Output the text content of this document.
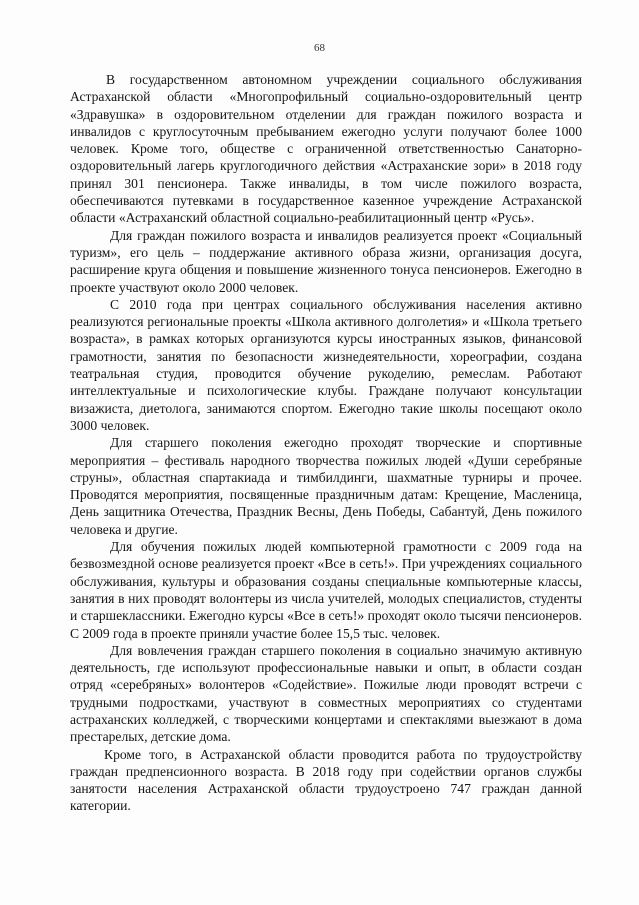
68

В государственном автономном учреждении социального обслуживания Астраханской области «Многопрофильный социально-оздоровительный центр «Здравушка» в оздоровительном отделении для граждан пожилого возраста и инвалидов с круглосуточным пребыванием ежегодно услуги получают более 1000 человек. Кроме того, обществе с ограниченной ответственностью Санаторно-оздоровительный лагерь круглогодичного действия «Астраханские зори» в 2018 году принял 301 пенсионера. Также инвалиды, в том числе пожилого возраста, обеспечиваются путевками в государственное казенное учреждение Астраханской области «Астраханский областной социально-реабилитационный центр «Русь».

Для граждан пожилого возраста и инвалидов реализуется проект «Социальный туризм», его цель – поддержание активного образа жизни, организация досуга, расширение круга общения и повышение жизненного тонуса пенсионеров. Ежегодно в проекте участвуют около 2000 человек.

С 2010 года при центрах социального обслуживания населения активно реализуются региональные проекты «Школа активного долголетия» и «Школа третьего возраста», в рамках которых организуются курсы иностранных языков, финансовой грамотности, занятия по безопасности жизнедеятельности, хореографии, создана театральная студия, проводится обучение рукоделию, ремеслам. Работают интеллектуальные и психологические клубы. Граждане получают консультации визажиста, диетолога, занимаются спортом. Ежегодно такие школы посещают около 3000 человек.

Для старшего поколения ежегодно проходят творческие и спортивные мероприятия – фестиваль народного творчества пожилых людей «Души серебряные струны», областная спартакиада и тимбилдинги, шахматные турниры и прочее. Проводятся мероприятия, посвященные праздничным датам: Крещение, Масленица, День защитника Отечества, Праздник Весны, День Победы, Сабантуй, День пожилого человека и другие.

Для обучения пожилых людей компьютерной грамотности с 2009 года на безвозмездной основе реализуется проект «Все в сеть!». При учреждениях социального обслуживания, культуры и образования созданы специальные компьютерные классы, занятия в них проводят волонтеры из числа учителей, молодых специалистов, студенты и старшеклассники. Ежегодно курсы «Все в сеть!» проходят около тысячи пенсионеров. С 2009 года в проекте приняли участие более 15,5 тыс. человек.

Для вовлечения граждан старшего поколения в социально значимую активную деятельность, где используют профессиональные навыки и опыт, в области создан отряд «серебряных» волонтеров «Содействие». Пожилые люди проводят встречи с трудными подростками, участвуют в совместных мероприятиях со студентами астраханских колледжей, с творческими концертами и спектаклями выезжают в дома престарелых, детские дома.

Кроме того, в Астраханской области проводится работа по трудоустройству граждан предпенсионного возраста. В 2018 году при содействии органов службы занятости населения Астраханской области трудоустроено 747 граждан данной категории.
